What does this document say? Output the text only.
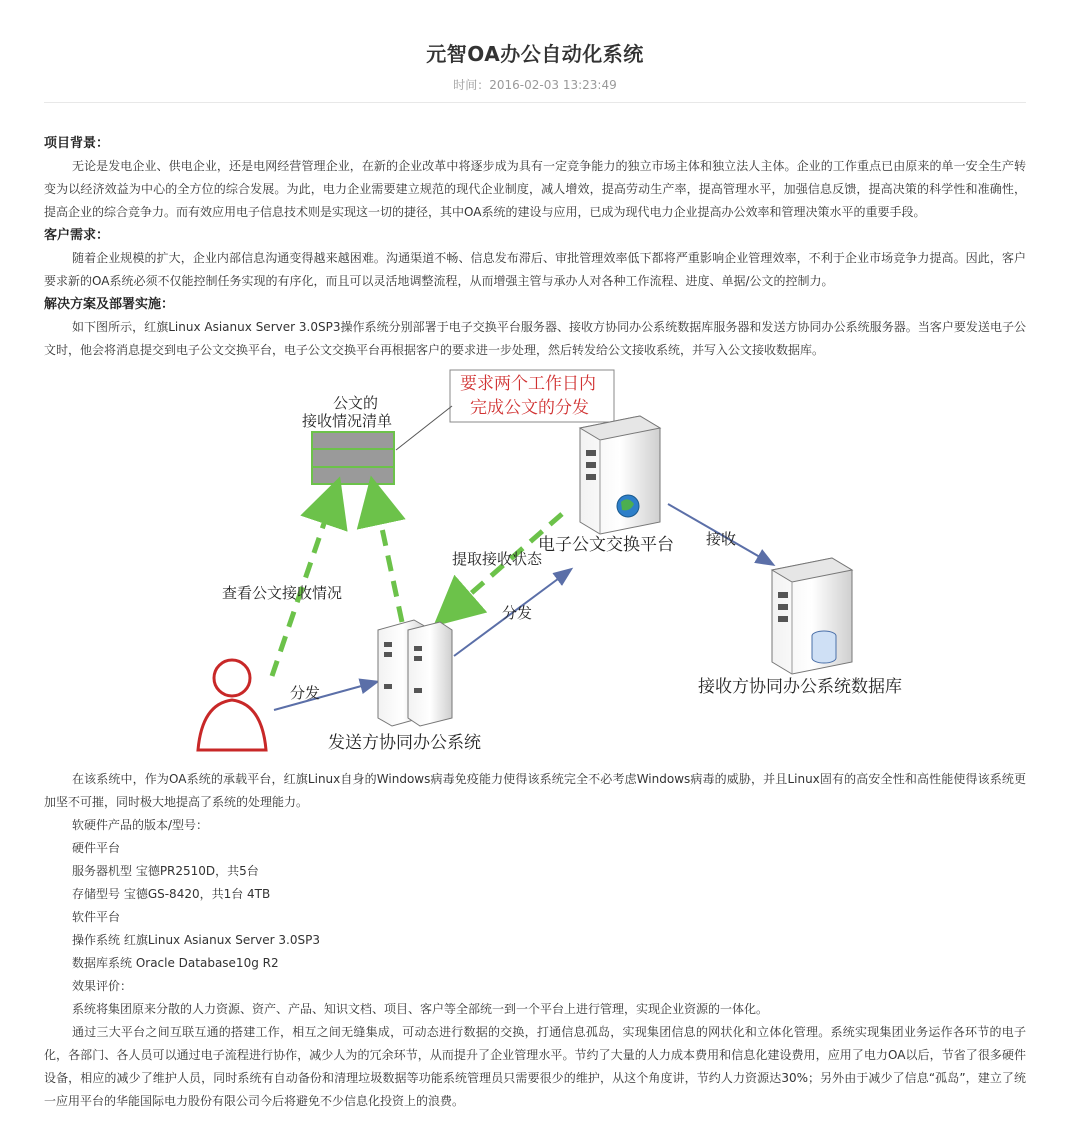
元智OA办公自动化系统
时间：2016-02-03 13:23:49
项目背景：

无论是发电企业、供电企业，还是电网经营管理企业，在新的企业改革中将逐步成为具有一定竞争能力的独立市场主体和独立法人主体。企业的工作重点已由原来的单一安全生产转变为以经济效益为中心的全方位的综合发展。为此，电力企业需要建立规范的现代企业制度，减人增效，提高劳动生产率，提高管理水平，加强信息反馈，提高决策的科学性和准确性，提高企业的综合竞争力。而有效应用电子信息技术则是实现这一切的捷径，其中OA系统的建设与应用，已成为现代电力企业提高办公效率和管理决策水平的重要手段。

客户需求：

随着企业规模的扩大，企业内部信息沟通变得越来越困难。沟通渠道不畅、信息发布滞后、审批管理效率低下都将严重影响企业管理效率，不利于企业市场竞争力提高。因此，客户要求新的OA系统必须不仅能控制任务实现的有序化，而且可以灵活地调整流程，从而增强主管与承办人对各种工作流程、进度、单据/公文的控制力。

解决方案及部署实施：

如下图所示，红旗Linux Asianux Server 3.0SP3操作系统分别部署于电子交换平台服务器、接收方协同办公系统数据库服务器和发送方协同办公系统服务器。当客户要发送电子公文时，他会将消息提交到电子公文交换平台，电子公文交换平台再根据客户的要求进一步处理，然后转发给公文接收系统，并写入公文接收数据库。

公文的
接收情况清单
要求两个工作日内
完成公文的分发
电子公文交换平台 接收
提取接收状态
查看公文接收情况
分发
分发	接收方协同办公系统数据库
发送方协同办公系统

在该系统中，作为OA系统的承载平台，红旗Linux自身的Windows病毒免疫能力使得该系统完全不必考虑Windows病毒的威胁，并且Linux固有的高安全性和高性能使得该系统更加坚不可摧，同时极大地提高了系统的处理能力。

软硬件产品的版本/型号：
硬件平台
服务器机型 宝德PR2510D，共5台
存储型号 宝德GS-8420，共1台 4TB
软件平台
操作系统 红旗Linux Asianux Server 3.0SP3
数据库系统 Oracle Database10g R2
效果评价：

系统将集团原来分散的人力资源、资产、产品、知识文档、项目、客户等全部统一到一个平台上进行管理，实现企业资源的一体化。

通过三大平台之间互联互通的搭建工作，相互之间无缝集成，可动态进行数据的交换，打通信息孤岛，实现集团信息的网状化和立体化管理。系统实现集团业务运作各环节的电子化，各部门、各人员可以通过电子流程进行协作，减少人为的冗余环节，从而提升了企业管理水平。节约了大量的人力成本费用和信息化建设费用，应用了电力OA以后，节省了很多硬件设备，相应的减少了维护人员，同时系统有自动备份和清理垃圾数据等功能系统管理员只需要很少的维护，从这个角度讲，节约人力资源达30%；另外由于减少了信息“孤岛”，建立了统一应用平台的华能国际电力股份有限公司今后将避免不少信息化投资上的浪费。
